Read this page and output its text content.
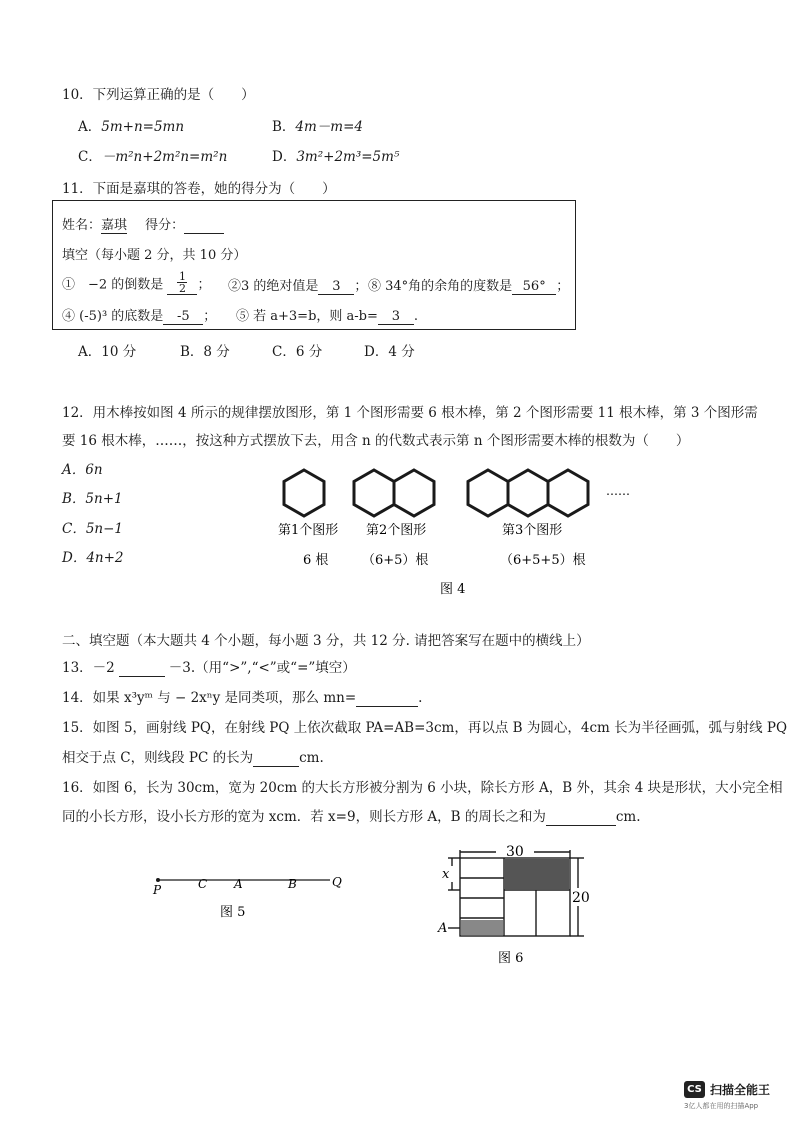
10．下列运算正确的是（　　）
A．5m+n=5mn	B．4m－m=4
C．－m²n+2m²n=m²n	D．3m²+2m³=5m⁵
11．下面是嘉琪的答卷，她的得分为（　　）
姓名：嘉琪 得分：
填空（每小题 2 分，共 10 分）
①　−2 的倒数是 $\frac{1}{2}$ ； ②3 的绝对值是 3 ； ⑧ 34°角的余角的度数是 56° ；
④ (-5)³ 的底数是 -5 ； ⑤ 若 a+3=b，则 a-b= 3 .
A．10 分	B．8 分	C．6 分	D．4 分
12．用木棒按如图 4 所示的规律摆放图形，第 1 个图形需要 6 根木棒，第 2 个图形需要 11 根木棒，第 3 个图形需
要 16 根木棒，……，按这种方式摆放下去，用含 n 的代数式表示第 n 个图形需要木棒的根数为（　　）
A．6n
B．5n+1
C．5n−1
D．4n+2
……
第1个图形 第2个图形	第3个图形
6 根	（6+5）根	（6+5+5）根
图 4
二、填空题（本大题共 4 个小题，每小题 3 分，共 12 分. 请把答案写在题中的横线上）
13．－2	－3.（用“>”,“<”或“=”填空）
14．如果 x³yᵐ 与 − 2xⁿy 是同类项，那么 mn=	.
15．如图 5，画射线 PQ，在射线 PQ 上依次截取 PA=AB=3cm，再以点 B 为圆心，4cm 长为半径画弧，弧与射线 PQ
相交于点 C，则线段 PC 的长为	cm.
16．如图 6，长为 30cm，宽为 20cm 的大长方形被分割为 6 小块，除长方形 A，B 外，其余 4 块是形状，大小完全相
同的小长方形，设小长方形的宽为 xcm．若 x=9，则长方形 A，B 的周长之和为	cm.
P	C A	B	Q
图 5
30
20
x
A
图 6
CS 扫描全能王
3亿人都在用的扫描App
